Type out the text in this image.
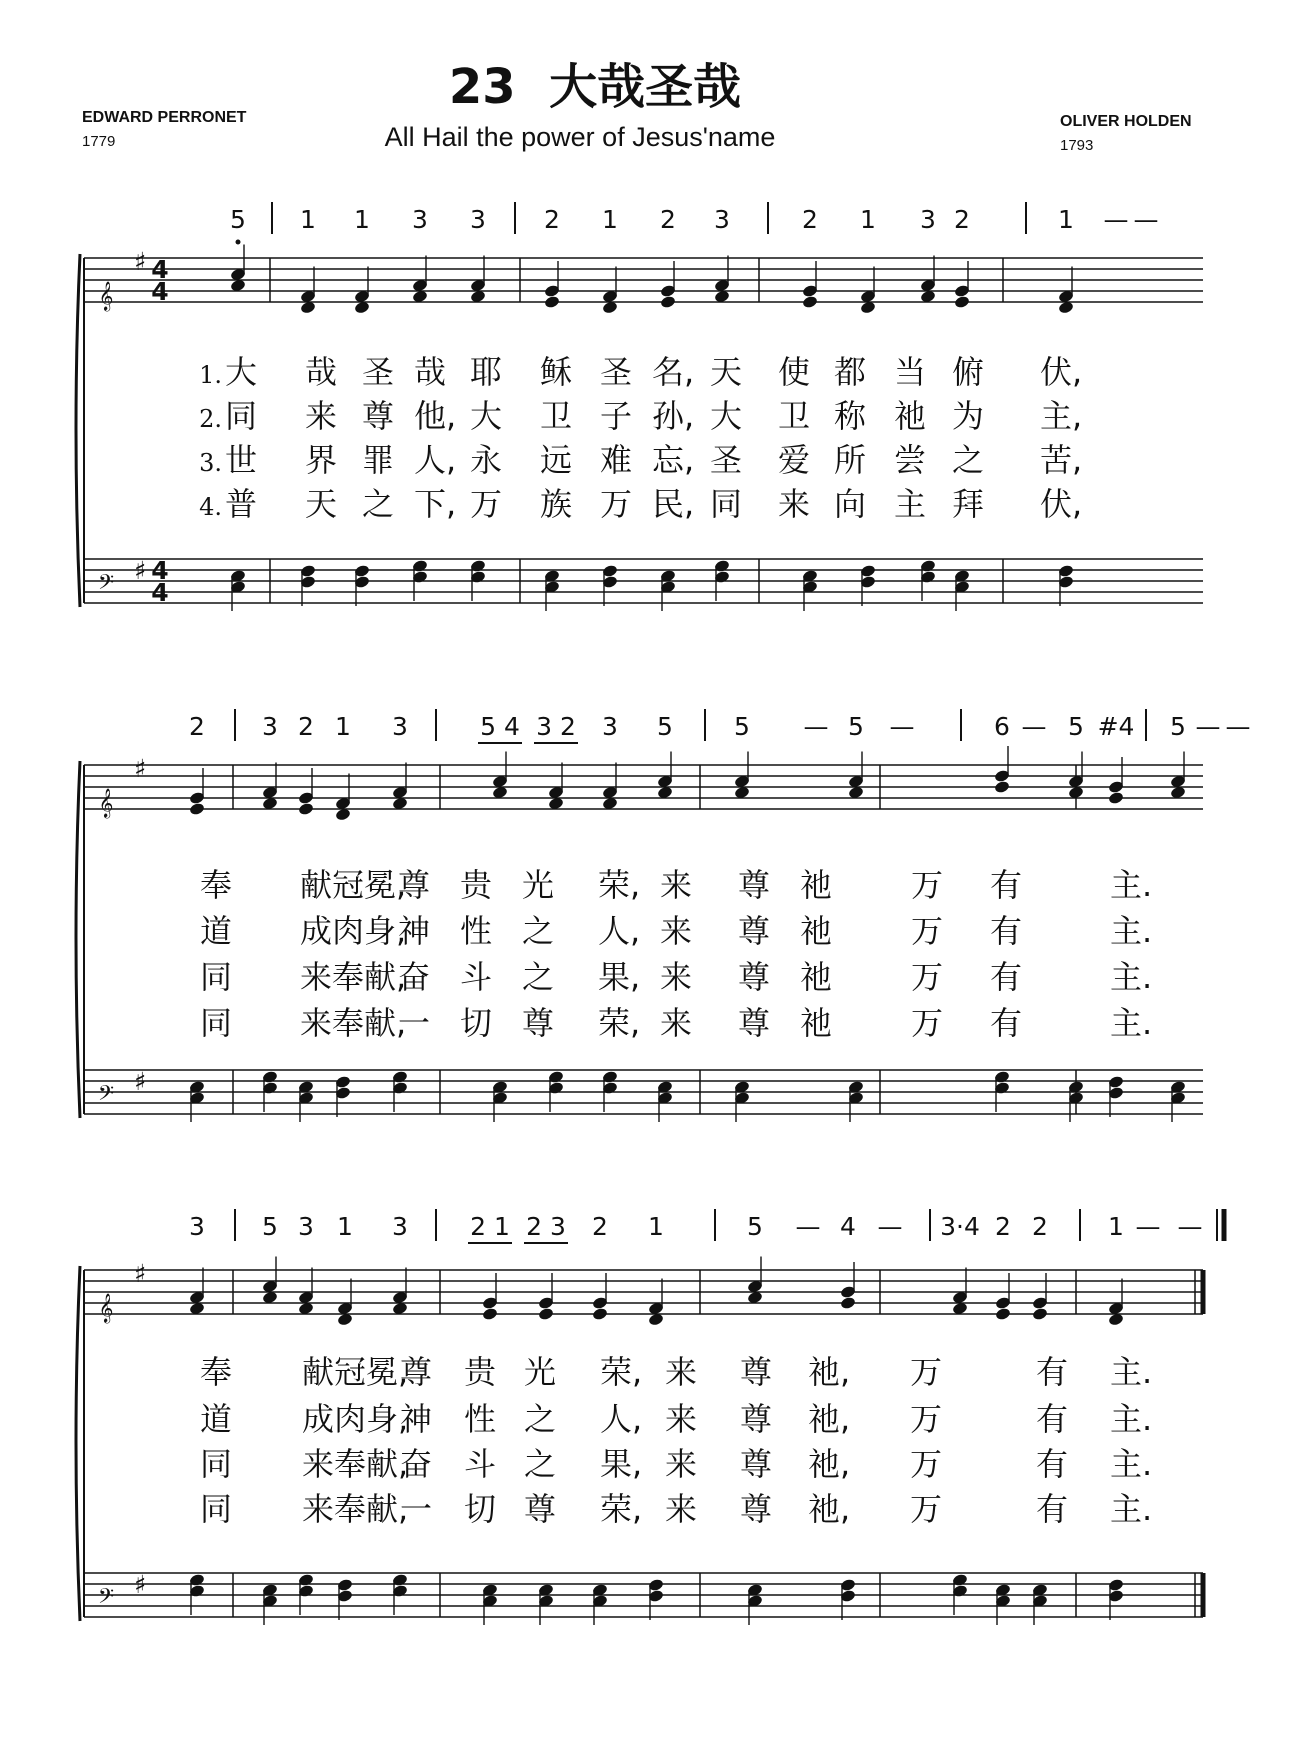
23 大哉圣哉
All Hail the power of Jesus'name
EDWARD PERRONET
1779
OLIVER HOLDEN
1793
5 1 1 3 3 2 1 2 3	2 1 3 2	1 — —
𝄞
♯ 4
4
𝄢 ♯ 4
4
1. 大 哉 圣 哉 耶 稣 圣 名, 天 使 都 当 俯 伏,
2. 同 来 尊 他, 大 卫 子 孙, 大 卫 称 祂 为 主,
3. 世 界 罪 人, 永 远 难 忘, 圣 爱 所 尝 之 苦,
4. 普 天 之 下, 万 族 万 民, 同 来 向 主 拜 伏,
2 3 2 1 3	5 4 3 2 3 5 5 — 5 —	6 — 5 #4 5 — —
𝄞
♯
𝄢 ♯
奉 献冠冕,
尊 贵 光 荣, 来 尊 祂 万 有	主.
道 成肉身,
神 性 之 人, 来 尊 祂 万 有	主.
同 来奉献,
奋 斗 之 果, 来 尊 祂 万 有	主.
同 来奉献,
一 切 尊 荣, 来 尊 祂 万 有	主.
3 5 3 1 3 2 1 2 3 2 1	5 — 4 — 3·4 2 2 1 — —
𝄞
♯
𝄢 ♯
奉 献冠冕,
尊 贵 光 荣, 来 尊 祂, 万	有 主.
道 成肉身,
神 性 之 人, 来 尊 祂, 万	有 主.
同 来奉献,
奋 斗 之 果, 来 尊 祂, 万	有 主.
同 来奉献,
一 切 尊 荣, 来 尊 祂, 万	有 主.
